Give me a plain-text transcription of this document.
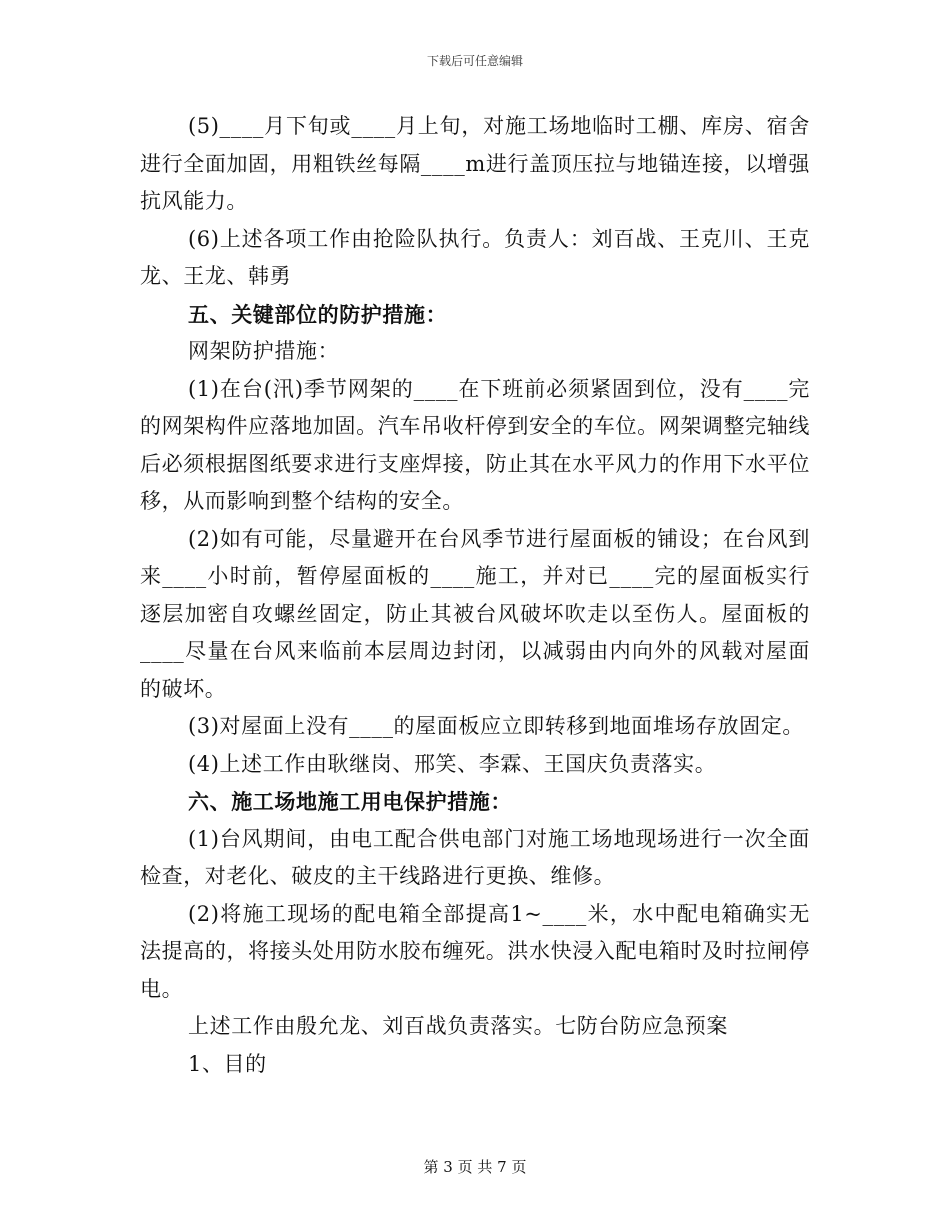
下载后可任意编辑

(5)____月下旬或____月上旬，对施工场地临时工棚、库房、宿舍进行全面加固，用粗铁丝每隔____m进行盖顶压拉与地锚连接，以增强抗风能力。

(6)上述各项工作由抢险队执行。负责人：刘百战、王克川、王克龙、王龙、韩勇

五、关键部位的防护措施：

网架防护措施：

(1)在台(汛)季节网架的____在下班前必须紧固到位，没有____完的网架构件应落地加固。汽车吊收杆停到安全的车位。网架调整完轴线后必须根据图纸要求进行支座焊接，防止其在水平风力的作用下水平位移，从而影响到整个结构的安全。

(2)如有可能，尽量避开在台风季节进行屋面板的铺设；在台风到来____小时前，暂停屋面板的____施工，并对已____完的屋面板实行逐层加密自攻螺丝固定，防止其被台风破坏吹走以至伤人。屋面板的____尽量在台风来临前本层周边封闭，以减弱由内向外的风载对屋面的破坏。

(3)对屋面上没有____的屋面板应立即转移到地面堆场存放固定。

(4)上述工作由耿继岗、邢笑、李霖、王国庆负责落实。

六、施工场地施工用电保护措施：

(1)台风期间，由电工配合供电部门对施工场地现场进行一次全面检查，对老化、破皮的主干线路进行更换、维修。

(2)将施工现场的配电箱全部提高1~____米，水中配电箱确实无法提高的，将接头处用防水胶布缠死。洪水快浸入配电箱时及时拉闸停电。

上述工作由殷允龙、刘百战负责落实。七防台防应急预案

1、目的

第 3 页 共 7 页
